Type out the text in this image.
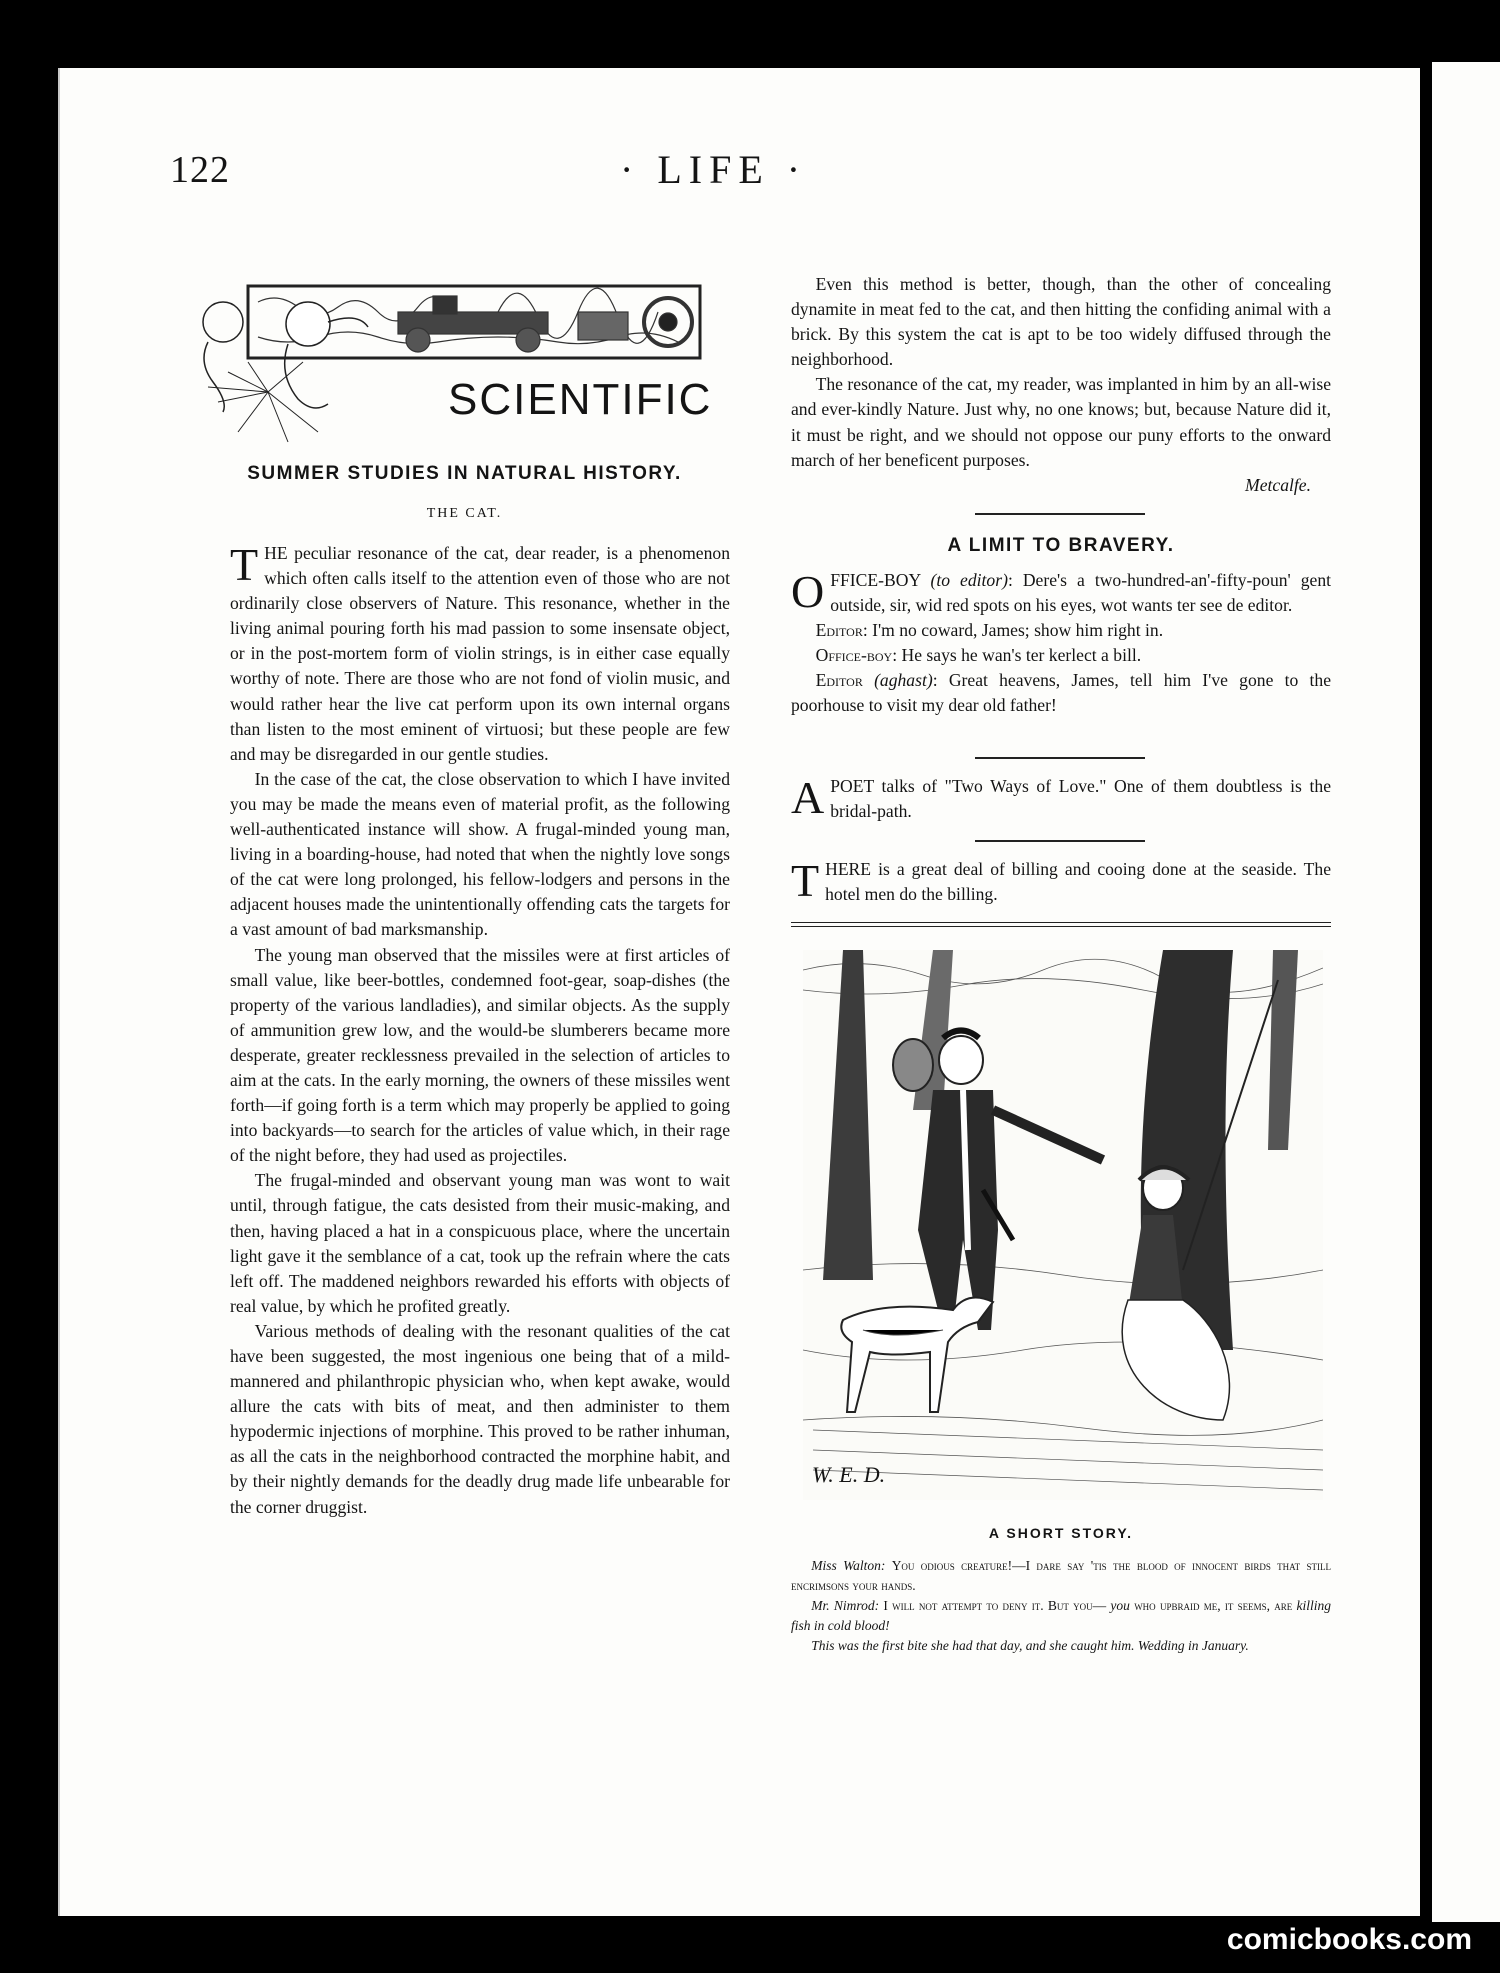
122	· LIFE ·
SCIENTIFIC
SUMMER STUDIES IN NATURAL HISTORY.
THE CAT.

THE peculiar resonance of the cat, dear reader, is a phenomenon which often calls itself to the attention even of those who are not ordinarily close observers of Nature. This resonance, whether in the living animal pouring forth his mad passion to some insensate object, or in the post-mortem form of violin strings, is in either case equally worthy of note. There are those who are not fond of violin music, and would rather hear the live cat perform upon its own internal organs than listen to the most eminent of virtuosi; but these people are few and may be disregarded in our gentle studies.

In the case of the cat, the close observation to which I have invited you may be made the means even of material profit, as the following well-authenticated instance will show. A frugal-minded young man, living in a boarding-house, had noted that when the nightly love songs of the cat were long prolonged, his fellow-lodgers and persons in the adjacent houses made the unintentionally offending cats the targets for a vast amount of bad marksmanship.

The young man observed that the missiles were at first articles of small value, like beer-bottles, condemned foot-gear, soap-dishes (the property of the various landladies), and similar objects. As the supply of ammunition grew low, and the would-be slumberers became more desperate, greater recklessness prevailed in the selection of articles to aim at the cats. In the early morning, the owners of these missiles went forth—if going forth is a term which may properly be applied to going into backyards—to search for the articles of value which, in their rage of the night before, they had used as projectiles.

The frugal-minded and observant young man was wont to wait until, through fatigue, the cats desisted from their music-making, and then, having placed a hat in a conspicuous place, where the uncertain light gave it the semblance of a cat, took up the refrain where the cats left off. The maddened neighbors rewarded his efforts with objects of real value, by which he profited greatly.

Various methods of dealing with the resonant qualities of the cat have been suggested, the most ingenious one being that of a mild-mannered and philanthropic physician who, when kept awake, would allure the cats with bits of meat, and then administer to them hypodermic injections of morphine. This proved to be rather inhuman, as all the cats in the neighborhood contracted the morphine habit, and by their nightly demands for the deadly drug made life unbearable for the corner druggist.

Even this method is better, though, than the other of concealing dynamite in meat fed to the cat, and then hitting the confiding animal with a brick. By this system the cat is apt to be too widely diffused through the neighborhood.

The resonance of the cat, my reader, was implanted in him by an all-wise and ever-kindly Nature. Just why, no one knows; but, because Nature did it, it must be right, and we should not oppose our puny efforts to the onward march of her beneficent purposes.

Metcalfe.
A LIMIT TO BRAVERY.

OFFICE-BOY (to editor): Dere's a two-hundred-an'-fifty-poun' gent outside, sir, wid red spots on his eyes, wot wants ter see de editor.

Editor: I'm no coward, James; show him right in.

Office-boy: He says he wan's ter kerlect a bill.

Editor (aghast): Great heavens, James, tell him I've gone to the poorhouse to visit my dear old father!

APOET talks of "Two Ways of Love." One of them doubtless is the bridal-path.

THERE is a great deal of billing and cooing done at the seaside. The hotel men do the billing.

W. E. D.
A SHORT STORY.

Miss Walton: You odious creature!—I dare say 'tis the blood of innocent birds that still encrimsons your hands.

Mr. Nimrod: I will not attempt to deny it. But you— you who upbraid me, it seems, are killing fish in cold blood!

This was the first bite she had that day, and she caught him. Wedding in January.

comicbooks.com
